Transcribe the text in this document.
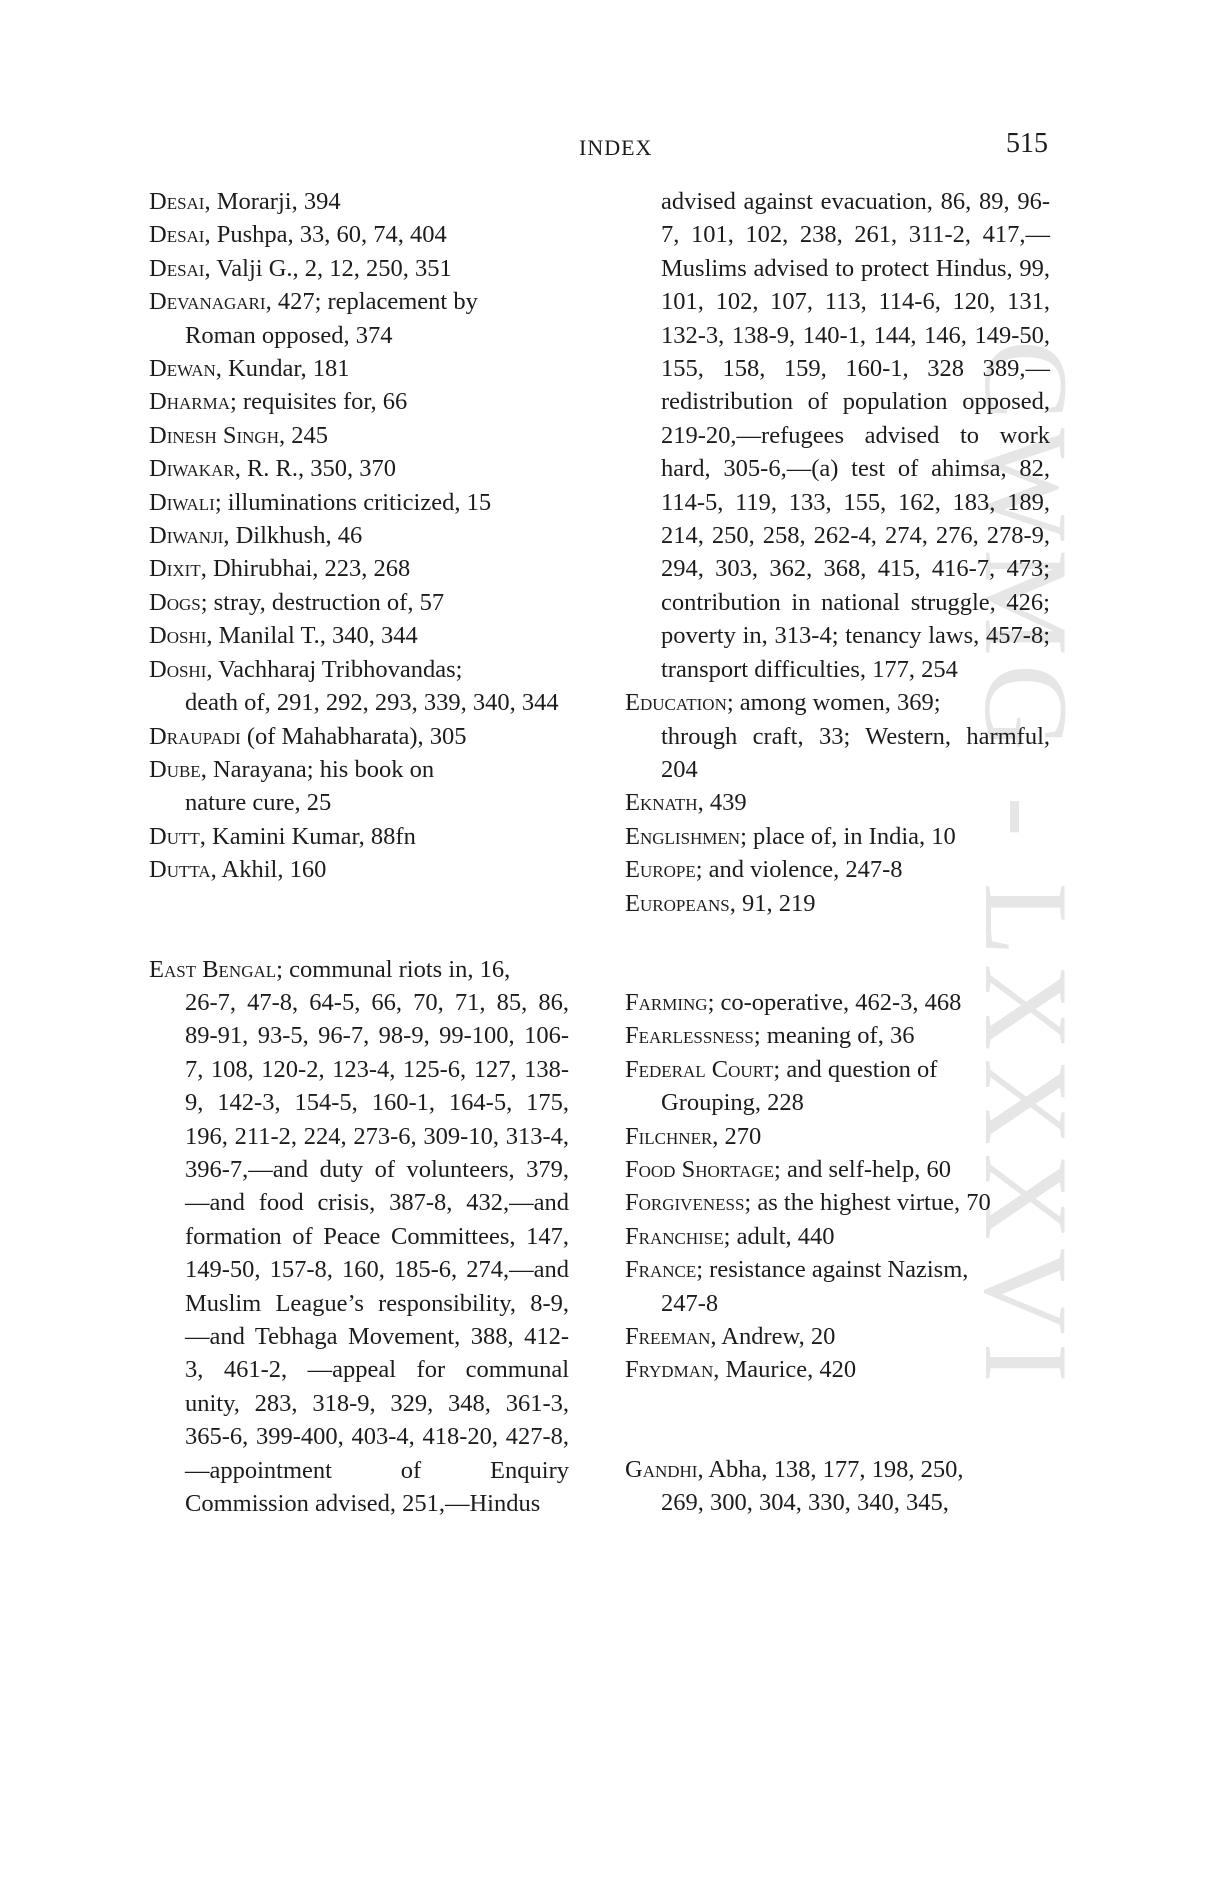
INDEX	515
CWMG - LXXXVI
Desai, Morarji, 394
Desai, Pushpa, 33, 60, 74, 404
Desai, Valji G., 2, 12, 250, 351
Devanagari, 427; replacement by
Roman opposed, 374
Dewan, Kundar, 181
Dharma; requisites for, 66
Dinesh Singh, 245
Diwakar, R. R., 350, 370
Diwali; illuminations criticized, 15
Diwanji, Dilkhush, 46
Dixit, Dhirubhai, 223, 268
Dogs; stray, destruction of, 57
Doshi, Manilal T., 340, 344
Doshi, Vachharaj Tribhovandas;
death of, 291, 292, 293, 339, 340, 344
Draupadi (of Mahabharata), 305
Dube, Narayana; his book on
nature cure, 25
Dutt, Kamini Kumar, 88fn
Dutta, Akhil, 160
East Bengal; communal riots in, 16,
26-7, 47-8, 64-5, 66, 70, 71, 85, 86, 89-91, 93-5, 96-7, 98-9, 99-100, 106-7, 108, 120-2, 123-4, 125-6, 127, 138-9, 142-3, 154-5, 160-1, 164-5, 175, 196, 211-2, 224, 273-6, 309-10, 313-4, 396-7,—and duty of volunteers, 379,—and food crisis, 387-8, 432,—and formation of Peace Committees, 147, 149-50, 157-8, 160, 185-6, 274,—and Muslim League’s responsibility, 8-9,—and Tebhaga Movement, 388, 412-3, 461-2, —appeal for communal unity, 283, 318-9, 329, 348, 361-3, 365-6, 399-400, 403-4, 418-20, 427-8, —appointment of Enquiry Commission advised, 251,—Hindus
advised against evacuation, 86, 89, 96-7, 101, 102, 238, 261, 311-2, 417,—Muslims advised to protect Hindus, 99, 101, 102, 107, 113, 114-6, 120, 131, 132-3, 138-9, 140-1, 144, 146, 149-50, 155, 158, 159, 160-1, 328 389,—redistribution of population opposed, 219-20,—refugees advised to work hard, 305-6,—(a) test of ahimsa, 82, 114-5, 119, 133, 155, 162, 183, 189, 214, 250, 258, 262-4, 274, 276, 278-9, 294, 303, 362, 368, 415, 416-7, 473; contribution in national struggle, 426; poverty in, 313-4; tenancy laws, 457-8; transport difficulties, 177, 254
Education; among women, 369;
through craft, 33; Western, harmful, 204
Eknath, 439
Englishmen; place of, in India, 10
Europe; and violence, 247-8
Europeans, 91, 219
Farming; co-operative, 462-3, 468
Fearlessness; meaning of, 36
Federal Court; and question of
Grouping, 228
Filchner, 270
Food Shortage; and self-help, 60
Forgiveness; as the highest virtue, 70
Franchise; adult, 440
France; resistance against Nazism,
247-8
Freeman, Andrew, 20
Frydman, Maurice, 420
Gandhi, Abha, 138, 177, 198, 250,
269, 300, 304, 330, 340, 345,
